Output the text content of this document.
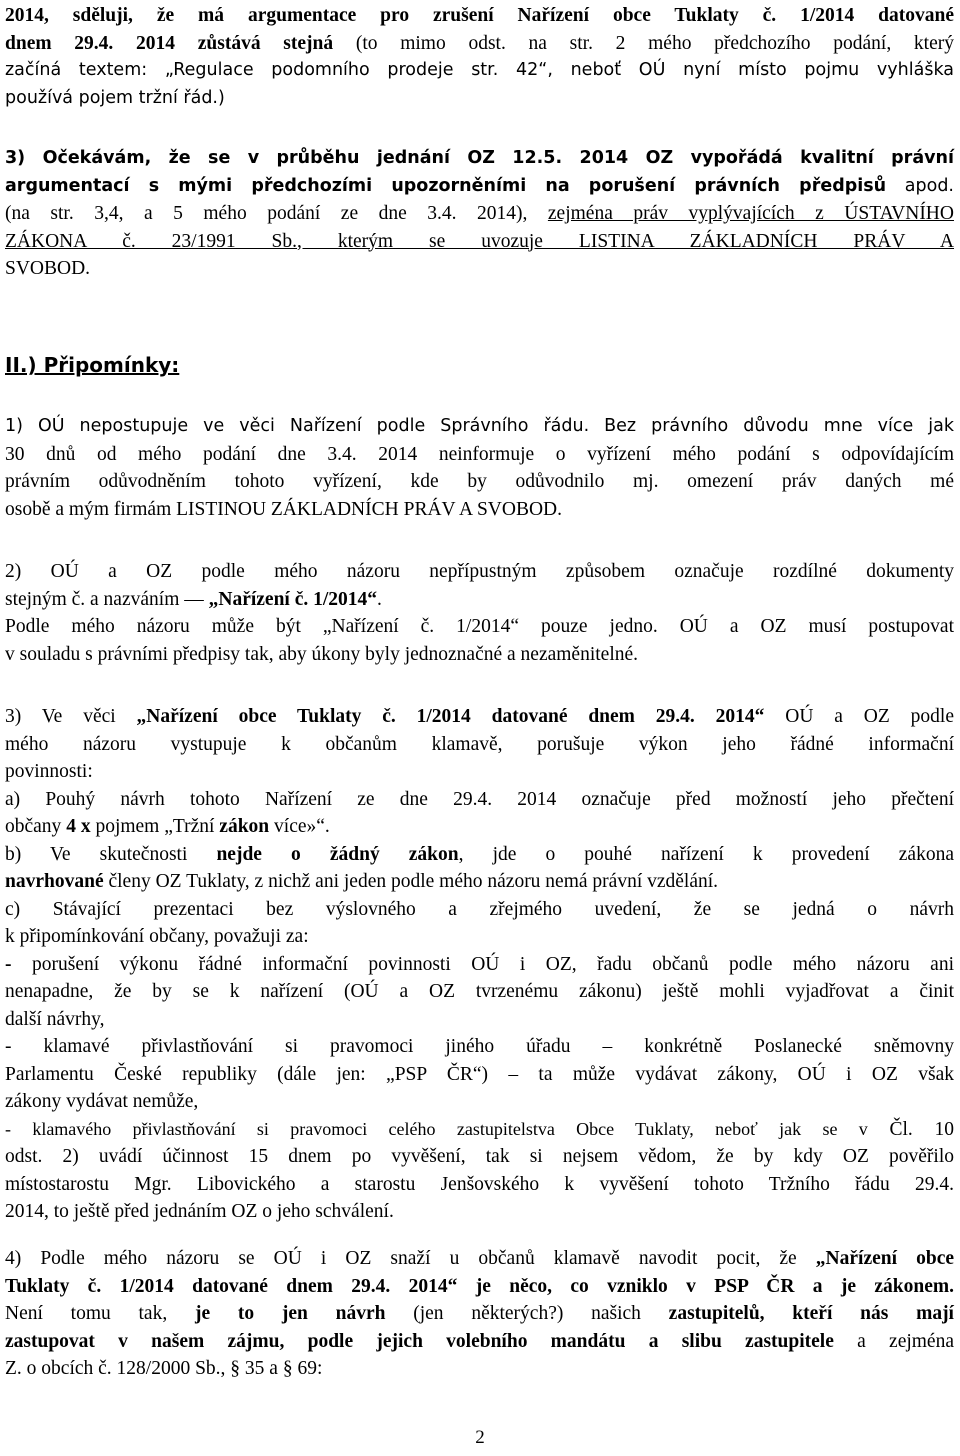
2014, sděluji, že má argumentace pro zrušení Nařízení obce Tuklaty č. 1/2014 datované
dnem 29.4. 2014 zůstává stejná (to mimo odst. na str. 2 mého předchozího podání, který
začíná textem: „Regulace podomního prodeje str. 42“, neboť OÚ nyní místo pojmu vyhláška
používá pojem tržní řád.)
3) Očekávám, že se v průběhu jednání OZ 12.5. 2014 OZ vypořádá kvalitní právní
argumentací s mými předchozími upozorněními na porušení právních předpisů apod.
(na str. 3,4, a 5 mého podání ze dne 3.4. 2014), zejména práv vyplývajících z ÚSTAVNÍHO
ZÁKONA č. 23/1991 Sb., kterým se uvozuje LISTINA ZÁKLADNÍCH PRÁV A
SVOBOD.
II.) Připomínky:
1) OÚ nepostupuje ve věci Nařízení podle Správního řádu. Bez právního důvodu mne více jak
30 dnů od mého podání dne 3.4. 2014 neinformuje o vyřízení mého podání s odpovídajícím
právním odůvodněním tohoto vyřízení, kde by odůvodnilo mj. omezení práv daných mé
osobě a mým firmám LISTINOU ZÁKLADNÍCH PRÁV A SVOBOD.
2) OÚ a OZ podle mého názoru nepřípustným způsobem označuje rozdílné dokumenty
stejným č. a nazváním — „Nařízení č. 1/2014“.
Podle mého názoru může být „Nařízení č. 1/2014“ pouze jedno. OÚ a OZ musí postupovat
v souladu s právními předpisy tak, aby úkony byly jednoznačné a nezaměnitelné.
3) Ve věci „Nařízení obce Tuklaty č. 1/2014 datované dnem 29.4. 2014“ OÚ a OZ podle
mého názoru vystupuje k občanům klamavě, porušuje výkon jeho řádné informační
povinnosti:
a) Pouhý návrh tohoto Nařízení ze dne 29.4. 2014 označuje před možností jeho přečtení
občany 4 x pojmem „Tržní zákon více»“.
b) Ve skutečnosti nejde o žádný zákon, jde o pouhé nařízení k provedení zákona
navrhované členy OZ Tuklaty, z nichž ani jeden podle mého názoru nemá právní vzdělání.
c) Stávající prezentaci bez výslovného a zřejmého uvedení, že se jedná o návrh
k připomínkování občany, považuji za:
- porušení výkonu řádné informační povinnosti OÚ i OZ, řadu občanů podle mého názoru ani
nenapadne, že by se k nařízení (OÚ a OZ tvrzenému zákonu) ještě mohli vyjadřovat a činit
další návrhy,
- klamavé přivlastňování si pravomoci jiného úřadu – konkrétně Poslanecké sněmovny
Parlamentu České republiky (dále jen: „PSP ČR“) – ta může vydávat zákony, OÚ i OZ však
zákony vydávat nemůže,
- klamavého přivlastňování si pravomoci celého zastupitelstva Obce Tuklaty, neboť jak se v Čl. 10
odst. 2) uvádí účinnost 15 dnem po vyvěšení, tak si nejsem vědom, že by kdy OZ pověřilo
místostarostu Mgr. Libovického a starostu Jenšovského k vyvěšení tohoto Tržního řádu 29.4.
2014, to ještě před jednáním OZ o jeho schválení.
4) Podle mého názoru se OÚ i OZ snaží u občanů klamavě navodit pocit, že „Nařízení obce
Tuklaty č. 1/2014 datované dnem 29.4. 2014“ je něco, co vzniklo v PSP ČR a je zákonem.
Není tomu tak, je to jen návrh (jen některých?) našich zastupitelů, kteří nás mají
zastupovat v našem zájmu, podle jejich volebního mandátu a slibu zastupitele a zejména
Z. o obcích č. 128/2000 Sb., § 35 a § 69:
2
